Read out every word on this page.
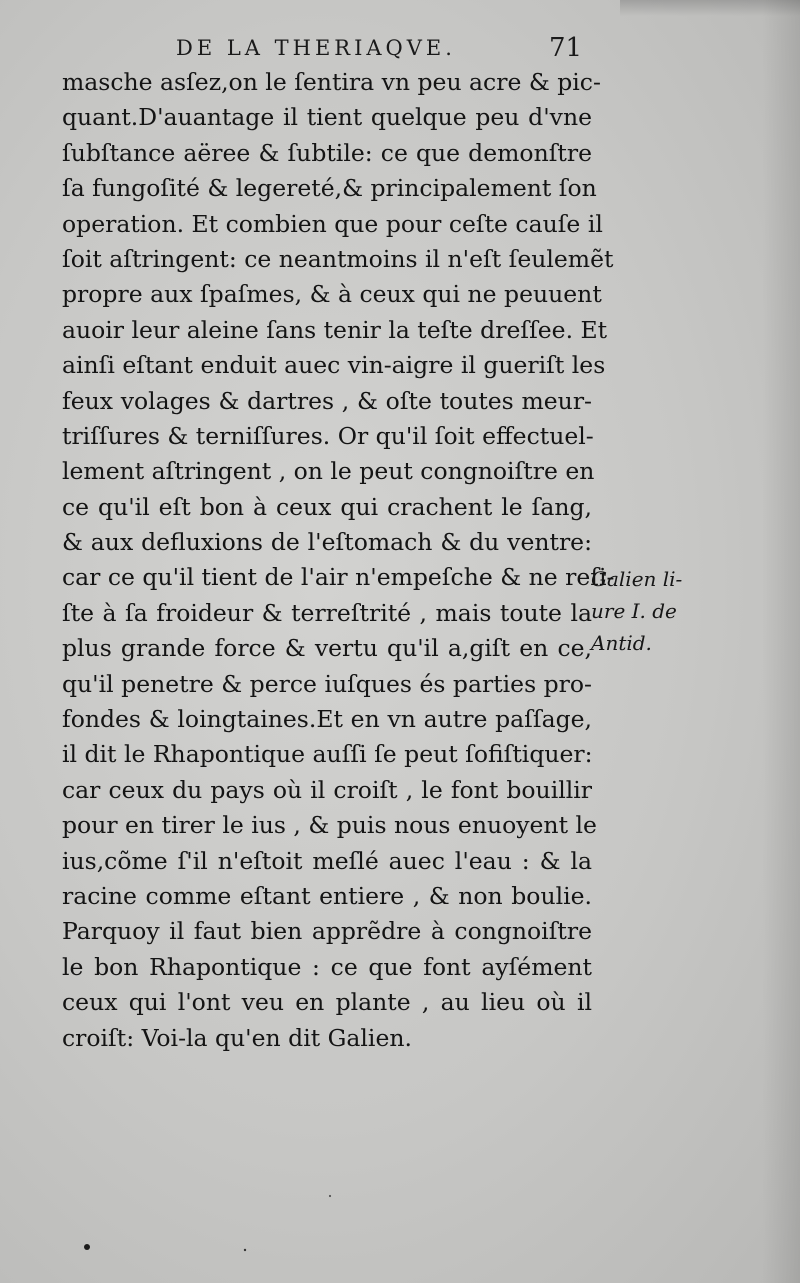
DE LA THERIAQVE.	71
masche asſez,on le ſentira vn peu acre & pic-
quant.D'auantage il tient quelque peu d'vne
ſubſtance aëree & ſubtile: ce que demonſtre
ſa fungoſité & legereté,& principalement ſon
operation. Et combien que pour ceſte cauſe il
ſoit aſtringent: ce neantmoins il n'eſt ſeulemẽt
propre aux ſpaſmes, & à ceux qui ne peuuent
auoir leur aleine ſans tenir la teſte dreſſee. Et
ainſi eſtant enduit auec vin-aigre il gueriſt les
feux volages & dartres , & oſte toutes meur-
triſſures & terniſſures. Or qu'il ſoit effectuel-
lement aſtringent , on le peut congnoiſtre en
ce qu'il eſt bon à ceux qui crachent le ſang,
& aux defluxions de l'eſtomach & du ventre:
car ce qu'il tient de l'air n'empeſche & ne reſi-
ſte à ſa froideur & terreſtrité , mais toute la
plus grande force & vertu qu'il a,giſt en ce,
qu'il penetre & perce iuſques és parties pro-
fondes & loingtaines.Et en vn autre paſſage,
il dit le Rhapontique auſſi ſe peut ſofiſtiquer:
car ceux du pays où il croiſt , le font bouillir
pour en tirer le ius , & puis nous enuoyent le
ius,cõme ſ'il n'eſtoit meſlé auec l'eau : & la
racine comme eſtant entiere , & non boulie.
Parquoy il faut bien apprẽdre à congnoiſtre
le bon Rhapontique : ce que font ayſément
ceux qui l'ont veu en plante , au lieu où il
croiſt: Voi-la qu'en dit Galien.
Galien li-
ure I. de
Antid.
